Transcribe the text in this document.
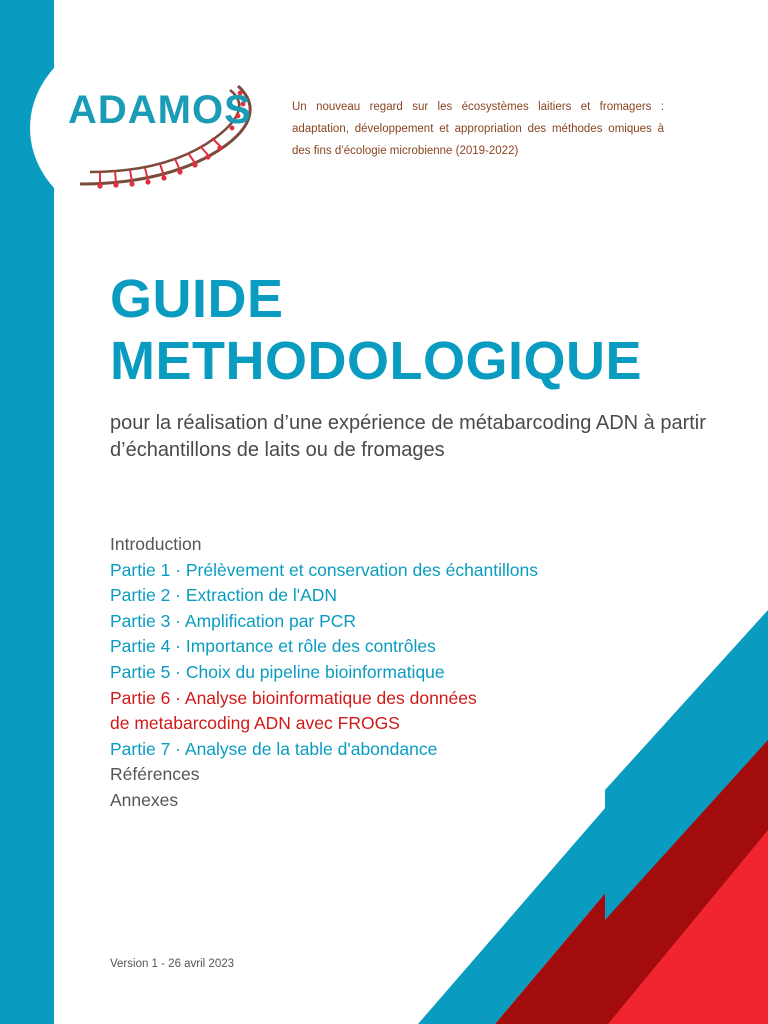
ADAMOS	Un nouveau regard sur les écosystèmes laitiers et fromagers : adaptation, développement et appropriation des méthodes omiques à des fins d’écologie microbienne (2019-2022)
GUIDE
METHODOLOGIQUE
pour la réalisation d’une expérience de métabarcoding ADN à partir d’échantillons de laits ou de fromages
Introduction
Partie 1 · Prélèvement et conservation des échantillons
Partie 2 · Extraction de l'ADN
Partie 3 · Amplification par PCR
Partie 4 · Importance et rôle des contrôles
Partie 5 · Choix du pipeline bioinformatique
Partie 6 · Analyse bioinformatique des données
de metabarcoding ADN avec FROGS
Partie 7 · Analyse de la table d'abondance
Références
Annexes
Version 1 - 26 avril 2023
